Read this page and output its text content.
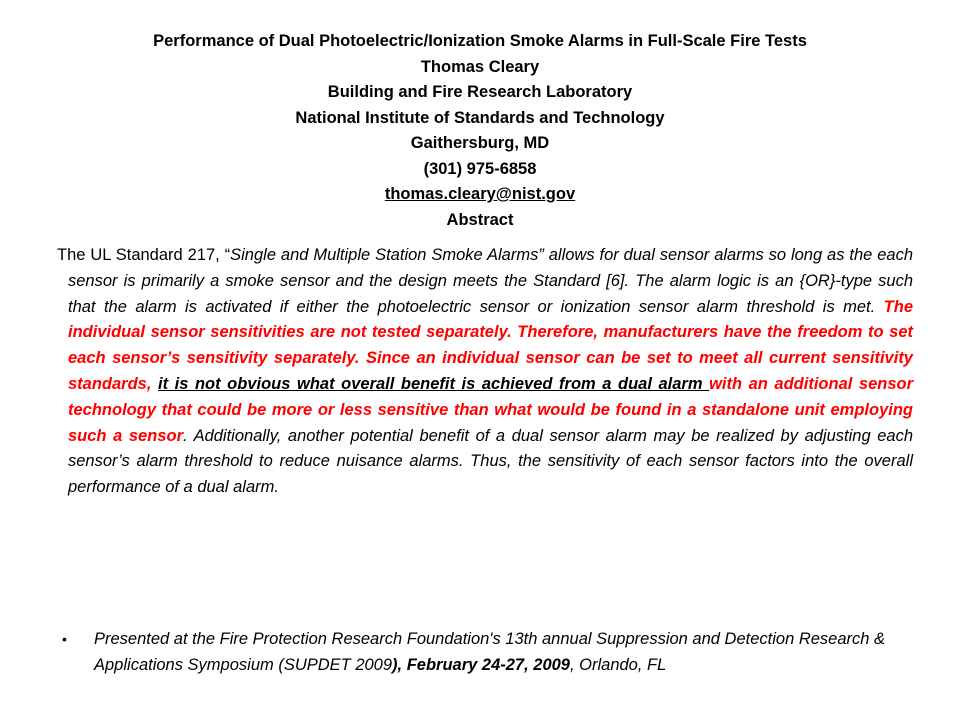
Performance of Dual Photoelectric/Ionization Smoke Alarms in Full-Scale Fire Tests
Thomas Cleary
Building and Fire Research Laboratory
National Institute of Standards and Technology
Gaithersburg, MD
(301) 975-6858
thomas.cleary@nist.gov
Abstract
The UL Standard 217, “Single and Multiple Station Smoke Alarms” allows for dual sensor alarms so long as the each sensor is primarily a smoke sensor and the design meets the Standard [6]. The alarm logic is an {OR}-type such that the alarm is activated if either the photoelectric sensor or ionization sensor alarm threshold is met. The individual sensor sensitivities are not tested separately. Therefore, manufacturers have the freedom to set each sensor’s sensitivity separately. Since an individual sensor can be set to meet all current sensitivity standards, it is not obvious what overall benefit is achieved from a dual alarm with an additional sensor technology that could be more or less sensitive than what would be found in a standalone unit employing such a sensor. Additionally, another potential benefit of a dual sensor alarm may be realized by adjusting each sensor’s alarm threshold to reduce nuisance alarms. Thus, the sensitivity of each sensor factors into the overall performance of a dual alarm.
• Presented at the Fire Protection Research Foundation's 13th annual Suppression and Detection Research & Applications Symposium (SUPDET 2009), February 24-27, 2009, Orlando, FL
